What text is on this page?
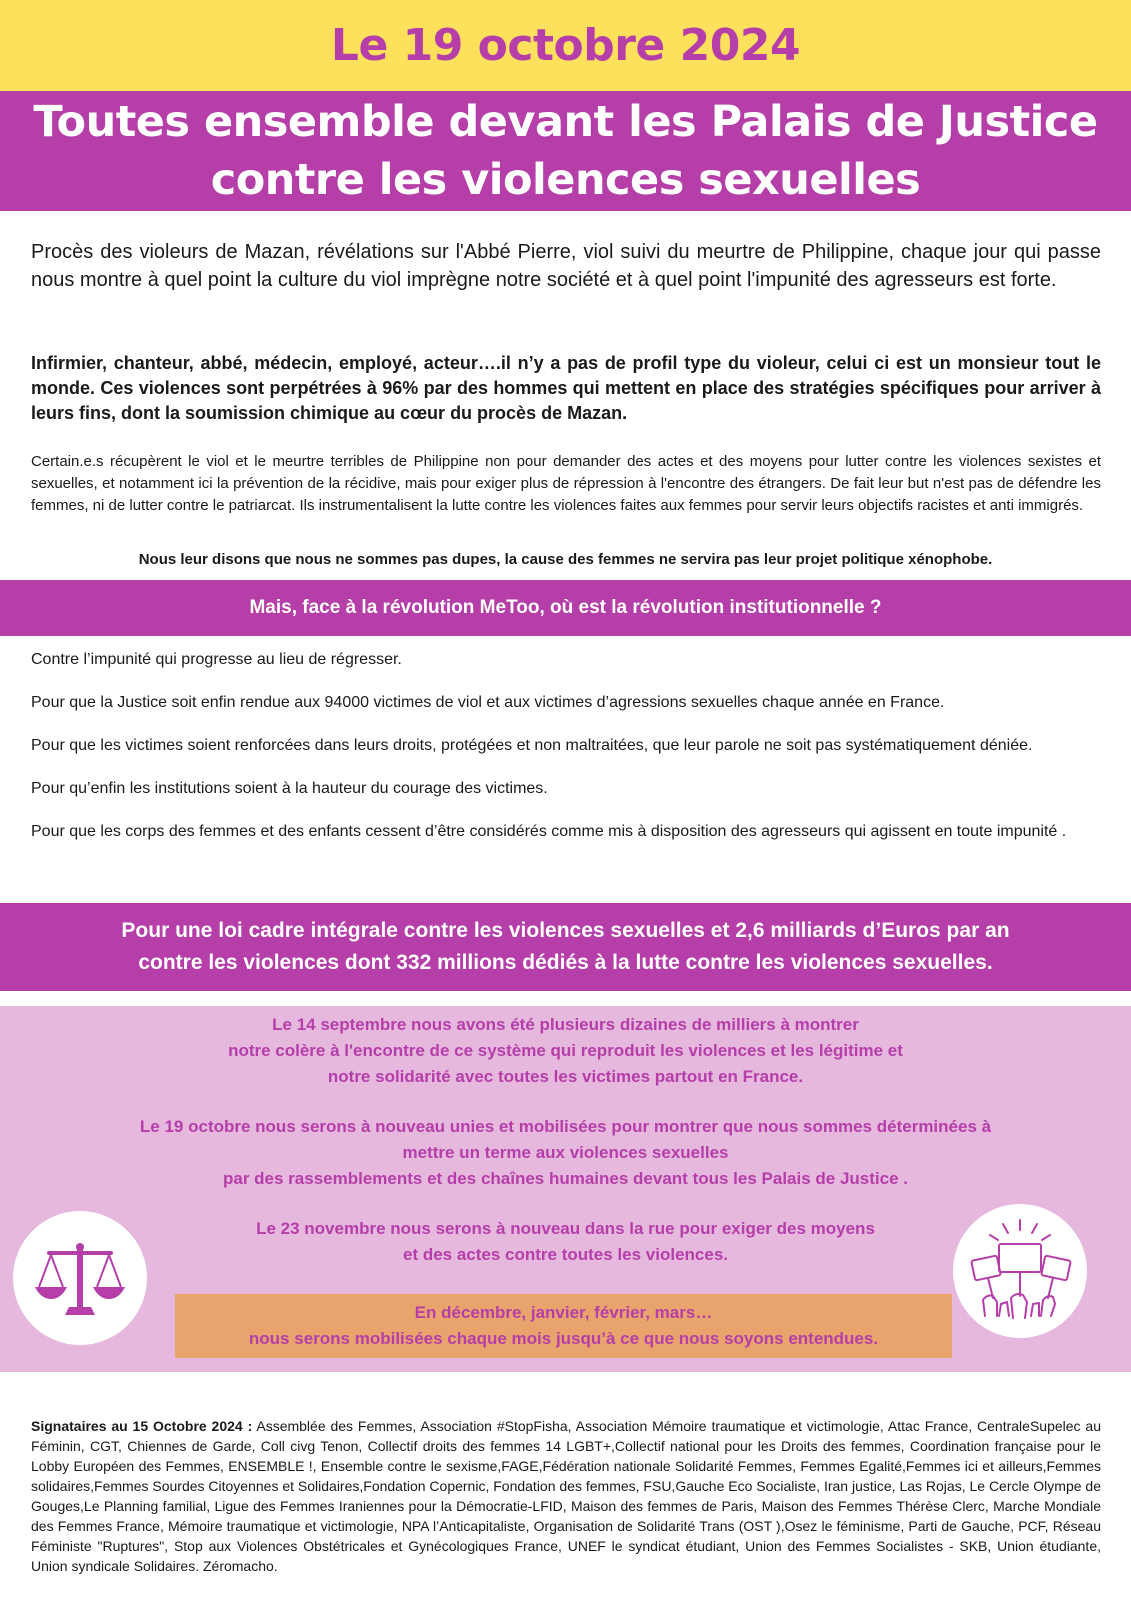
Le 19 octobre 2024
Toutes ensemble devant les Palais de Justice
contre les violences sexuelles

Procès des violeurs de Mazan, révélations sur l'Abbé Pierre, viol suivi du meurtre de Philippine, chaque jour qui passe nous montre à quel point la culture du viol imprègne notre société et à quel point l'impunité des agresseurs est forte.

Infirmier, chanteur, abbé, médecin, employé, acteur….il n’y a pas de profil type du violeur, celui ci est un monsieur tout le monde. Ces violences sont perpétrées à 96% par des hommes qui mettent en place des stratégies spécifiques pour arriver à leurs fins, dont la soumission chimique au cœur du procès de Mazan.

Certain.e.s récupèrent le viol et le meurtre terribles de Philippine non pour demander des actes et des moyens pour lutter contre les violences sexistes et sexuelles, et notamment ici la prévention de la récidive, mais pour exiger plus de répression à l'encontre des étrangers. De fait leur but n'est pas de défendre les femmes, ni de lutter contre le patriarcat. Ils instrumentalisent la lutte contre les violences faites aux femmes pour servir leurs objectifs racistes et anti immigrés.

Nous leur disons que nous ne sommes pas dupes, la cause des femmes ne servira pas leur projet politique xénophobe.

Mais, face à la révolution MeToo, où est la révolution institutionnelle ?

Contre l’impunité qui progresse au lieu de régresser.

Pour que la Justice soit enfin rendue aux 94000 victimes de viol et aux victimes d’agressions sexuelles chaque année en France.

Pour que les victimes soient renforcées dans leurs droits, protégées et non maltraitées, que leur parole ne soit pas systématiquement déniée.

Pour qu’enfin les institutions soient à la hauteur du courage des victimes.

Pour que les corps des femmes et des enfants cessent d’être considérés comme mis à disposition des agresseurs qui agissent en toute impunité .

Pour une loi cadre intégrale contre les violences sexuelles et 2,6 milliards d’Euros par an
contre les violences dont 332 millions dédiés à la lutte contre les violences sexuelles.
Le 14 septembre nous avons été plusieurs dizaines de milliers à montrer
notre colère à l'encontre de ce système qui reproduit les violences et les légitime et
notre solidarité avec toutes les victimes partout en France.
Le 19 octobre nous serons à nouveau unies et mobilisées pour montrer que nous sommes déterminées à
mettre un terme aux violences sexuelles
par des rassemblements et des chaînes humaines devant tous les Palais de Justice .
Le 23 novembre nous serons à nouveau dans la rue pour exiger des moyens
et des actes contre toutes les violences.
En décembre, janvier, février, mars…
nous serons mobilisées chaque mois jusqu’à ce que nous soyons entendues.

Signataires au 15 Octobre 2024 : Assemblée des Femmes, Association #StopFisha, Association Mémoire traumatique et victimologie, Attac France, CentraleSupelec au Féminin, CGT, Chiennes de Garde, Coll civg Tenon, Collectif droits des femmes 14 LGBT+,Collectif national pour les Droits des femmes, Coordination française pour le Lobby Européen des Femmes, ENSEMBLE !, Ensemble contre le sexisme,FAGE,Fédération nationale Solidarité Femmes, Femmes Egalité,Femmes ici et ailleurs,Femmes solidaires,Femmes Sourdes Citoyennes et Solidaires,Fondation Copernic, Fondation des femmes, FSU,Gauche Eco Socialiste, Iran justice, Las Rojas, Le Cercle Olympe de Gouges,Le Planning familial, Ligue des Femmes Iraniennes pour la Démocratie-LFID, Maison des femmes de Paris, Maison des Femmes Thérèse Clerc, Marche Mondiale des Femmes France, Mémoire traumatique et victimologie, NPA l’Anticapitaliste, Organisation de Solidarité Trans (OST ),Osez le féminisme, Parti de Gauche, PCF, Réseau Féministe "Ruptures", Stop aux Violences Obstétricales et Gynécologiques France, UNEF le syndicat étudiant, Union des Femmes Socialistes - SKB, Union étudiante, Union syndicale Solidaires. Zéromacho.
